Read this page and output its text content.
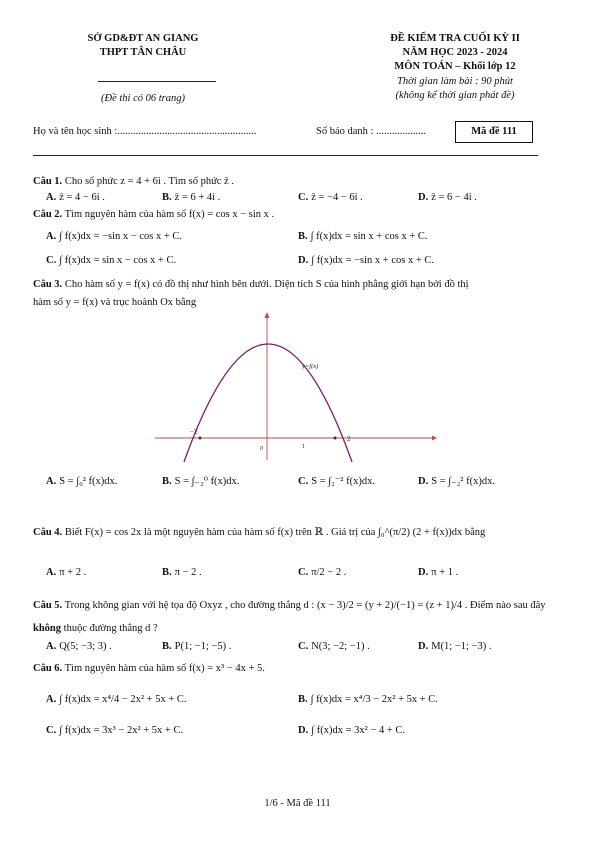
SỞ GD&ĐT AN GIANG
THPT TÂN CHÂU
(Đề thi có 06 trang)
ĐỀ KIỂM TRA CUỐI KỲ II
NĂM HỌC 2023 - 2024
MÔN TOÁN – Khối lớp 12
Thời gian làm bài : 90 phút
(không kể thời gian phát đề)
Họ và tên học sinh :.....................................................	Số báo danh : ...................	Mã đề 111
Câu 1. Cho số phức z = 4 + 6i . Tìm số phức z̄ .
A. z̄ = 4 − 6i .	B. z̄ = 6 + 4i .	C. z̄ = −4 − 6i .	D. z̄ = 6 − 4i .
Câu 2. Tìm nguyên hàm của hàm số f(x) = cos x − sin x .
A. ∫ f(x)dx = −sin x − cos x + C.	B. ∫ f(x)dx = sin x + cos x + C.
C. ∫ f(x)dx = sin x − cos x + C.	D. ∫ f(x)dx = −sin x + cos x + C.
Câu 3. Cho hàm số y = f(x) có đồ thị như hình bên dưới. Diện tích S của hình phẳng giới hạn bởi đồ thị
hàm số y = f(x) và trục hoành Ox bằng
−2
2
1
0
y=f(x)
A. S = ∫₀² f(x)dx.	B. S = ∫₋₂⁰ f(x)dx.	C. S = ∫₂⁻² f(x)dx.	D. S = ∫₋₂² f(x)dx.
Câu 4. Biết F(x) = cos 2x là một nguyên hàm của hàm số f(x) trên ℝ . Giá trị của ∫₀^(π/2) (2 + f(x))dx bằng
A. π + 2 .	B. π − 2 .	C. π/2 − 2 .	D. π + 1 .
Câu 5. Trong không gian với hệ tọa độ Oxyz , cho đường thẳng d : (x − 3)/2 = (y + 2)/(−1) = (z + 1)/4 . Điểm nào sau đây
không thuộc đường thẳng d ?
A. Q(5; −3; 3) .	B. P(1; −1; −5) .	C. N(3; −2; −1) .	D. M(1; −1; −3) .
Câu 6. Tìm nguyên hàm của hàm số f(x) = x³ − 4x + 5.
A. ∫ f(x)dx = x⁴/4 − 2x² + 5x + C.	B. ∫ f(x)dx = x⁴/3 − 2x² + 5x + C.
C. ∫ f(x)dx = 3x³ − 2x² + 5x + C.	D. ∫ f(x)dx = 3x² − 4 + C.
1/6 - Mã đề 111
